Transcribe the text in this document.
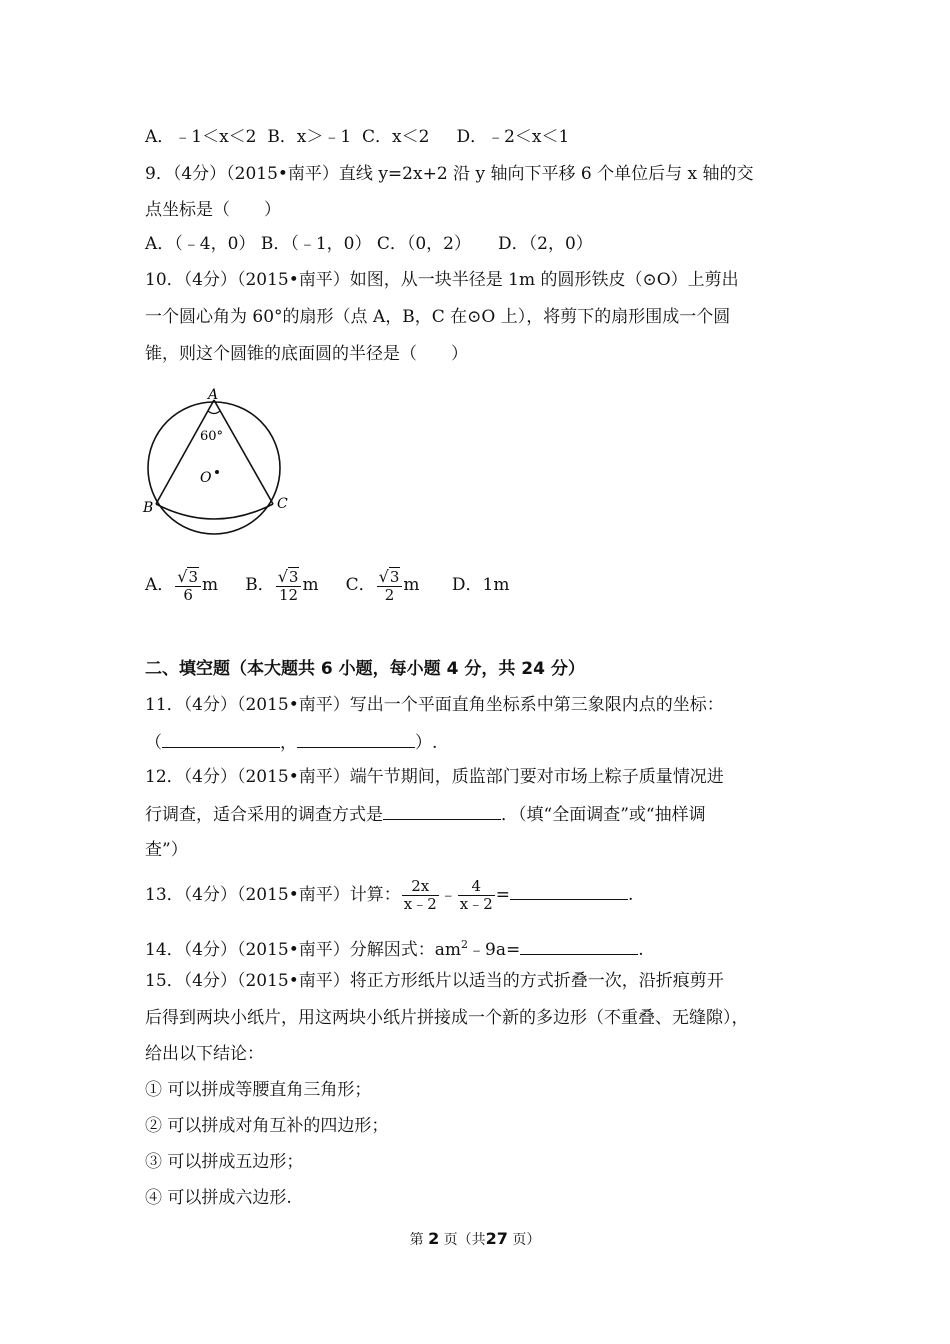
A．﹣1＜x＜2 B．x＞﹣1 C．x＜2 D．﹣2＜x＜1
9．（4分）（2015•南平）直线 y=2x+2 沿 y 轴向下平移 6 个单位后与 x 轴的交
点坐标是（　　）
A．（﹣4，0） B．（﹣1，0） C．（0，2） D．（2，0）
10．（4分）（2015•南平）如图，从一块半径是 1m 的圆形铁皮（⊙O）上剪出
一个圆心角为 60°的扇形（点 A，B，C 在⊙O 上），将剪下的扇形围成一个圆
锥，则这个圆锥的底面圆的半径是（　　）
A
B	C
O
60°
A． $\frac{√3}{6}$ m B． $\frac{√3}{12}$ m C． $\frac{√3}{2}$ m D．1m
二、填空题（本大题共 6 小题，每小题 4 分，共 24 分）
11．（4分）（2015•南平）写出一个平面直角坐标系中第三象限内点的坐标：
（	，	）.
12．（4分）（2015•南平）端午节期间，质监部门要对市场上粽子质量情况进
行调查，适合采用的调查方式是	．（填“全面调查”或“抽样调
查”）
13．（4分）（2015•南平）计算： $\frac{2x}{x﹣2}$ ﹣ $\frac{4}{x﹣2}$ =	.
14．（4分）（2015•南平）分解因式：$am^2﹣9a=$	.
15．（4分）（2015•南平）将正方形纸片以适当的方式折叠一次，沿折痕剪开
后得到两块小纸片，用这两块小纸片拼接成一个新的多边形（不重叠、无缝隙），
给出以下结论：
① 可以拼成等腰直角三角形；
② 可以拼成对角互补的四边形；
③ 可以拼成五边形；
④ 可以拼成六边形.
第 2 页（共27 页）
